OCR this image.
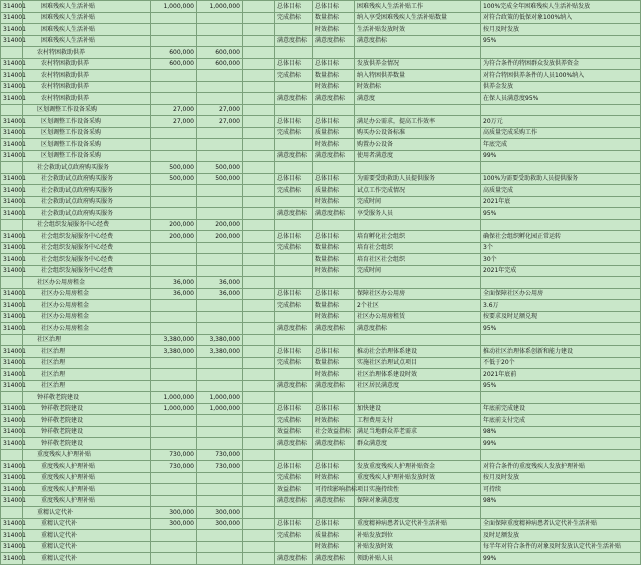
314001	困难残疾人生活补贴	1,000,000	1,000,000		总体目标	总体目标	困难残疾人生活补贴工作	100%完成全年困难残疾人生活补贴发放
314001	困难残疾人生活补贴				完成指标	数量指标	纳入享受困难残疾人生活补贴数量	对符合政策的低保对象100%纳入
314001	困难残疾人生活补贴					时效指标	生活补贴发放时效	按月及时发放
314001	困难残疾人生活补贴				满意度指标	满意度指标	满意度指标	95%
	农村特困救助供养	600,000	600,000					
314001	农村特困救助供养	600,000	600,000		总体目标	总体目标	发放供养金情况	为符合条件的特困群众发放供养资金
314001	农村特困救助供养				完成指标	数量指标	纳入特困供养数量	对符合特困供养条件的人员100%纳入
314001	农村特困救助供养					时效指标	时效指标	供养金发放
314001	农村特困救助供养				满意度指标	满意度指标	满意度	在保人员满意度95%
	区划调整工作设备采购	27,000	27,000					
314001	区划调整工作设备采购	27,000	27,000		总体目标	总体目标	满足办公需求，提高工作效率	20万元
314001	区划调整工作设备采购				完成指标	质量指标	购买办公设备标准	高质量完成采购工作
314001	区划调整工作设备采购					时效指标	购置办公设备	年底完成
314001	区划调整工作设备采购				满意度指标	满意度指标	使用者满意度	99%
	社会救助试点政府购买服务	500,000	500,000					
314001	社会救助试点政府购买服务	500,000	500,000		总体目标	总体目标	为需要受助救助人员提供服务	100%为需要受助救助人员提供服务
314001	社会救助试点政府购买服务				完成指标	质量指标	试点工作完成情况	高质量完成
314001	社会救助试点政府购买服务					时效指标	完成时间	2021年底
314001	社会救助试点政府购买服务				满意度指标	满意度指标	享受服务人员	95%
	社会组织发展服务中心经费	200,000	200,000					
314001	社会组织发展服务中心经费	200,000	200,000		总体目标	总体目标	培育孵化社会组织	确保社会组织孵化园正常运转
314001	社会组织发展服务中心经费				完成指标	数量指标	培育社会组织	3个
314001	社会组织发展服务中心经费					数量指标	培育社区社会组织	30个
314001	社会组织发展服务中心经费					时效指标	完成时间	2021年完成
	社区办公用房租金	36,000	36,000					
314001	社区办公用房租金	36,000	36,000		总体目标	总体目标	保障社区办公用房	全面保障社区办公用房
314001	社区办公用房租金				完成指标	数量指标	2个社区	3.6万
314001	社区办公用房租金					时效指标	社区办公用房租赁	按要求及时足额兑现
314001	社区办公用房租金				满意度指标	满意度指标	满意度指标	95%
	社区治理	3,380,000	3,380,000					
314001	社区治理	3,380,000	3,380,000		总体目标	总体目标	推动社会治理体系建设	推动社区治理体系创新和能力建设
314001	社区治理				完成指标	数量指标	实施社区治理试点项目	不低于20个
314001	社区治理					时效指标	社区治理体系建设时效	2021年底前
314001	社区治理				满意度指标	满意度指标	社区居民满意度	95%
	钟祥敬老院建设	1,000,000	1,000,000					
314001	钟祥敬老院建设	1,000,000	1,000,000		总体目标	总体目标	加快建设	年底前完成建设
314001	钟祥敬老院建设				完成指标	时效指标	工程费用支付	年底前支付完成
314001	钟祥敬老院建设				效益指标	社会效益指标	满足当地群众养老需求	98%
314001	钟祥敬老院建设				满意度指标	满意度指标	群众满意度	99%
	重度残疾人护理补贴	730,000	730,000					
314001	重度残疾人护理补贴	730,000	730,000		总体目标	总体目标	发放重度残疾人护理补贴资金	对符合条件的重度残疾人发放护理补贴
314001	重度残疾人护理补贴				完成指标	时效指标	重度残疾人护理补贴发放时效	按月及时发放
314001	重度残疾人护理补贴				效益指标	可持续影响指标	项目实施持续性	可持续
314001	重度残疾人护理补贴				满意度指标	满意度指标	保障对象满意度	98%
	重精认定代补	300,000	300,000					
314001	重精认定代补	300,000	300,000		总体目标	总体目标	重度精神病患者认定代补生活补贴	全面保障重度精神病患者认定代补生活补贴
314001	重精认定代补				完成指标	质量指标	补贴发放到位	及时足额发放
314001	重精认定代补					时效指标	补贴发放时效	每半年对符合条件的对象及时发放认定代补生活补贴
314001	重精认定代补				满意度指标	满意度指标	领助补贴人员	99%
